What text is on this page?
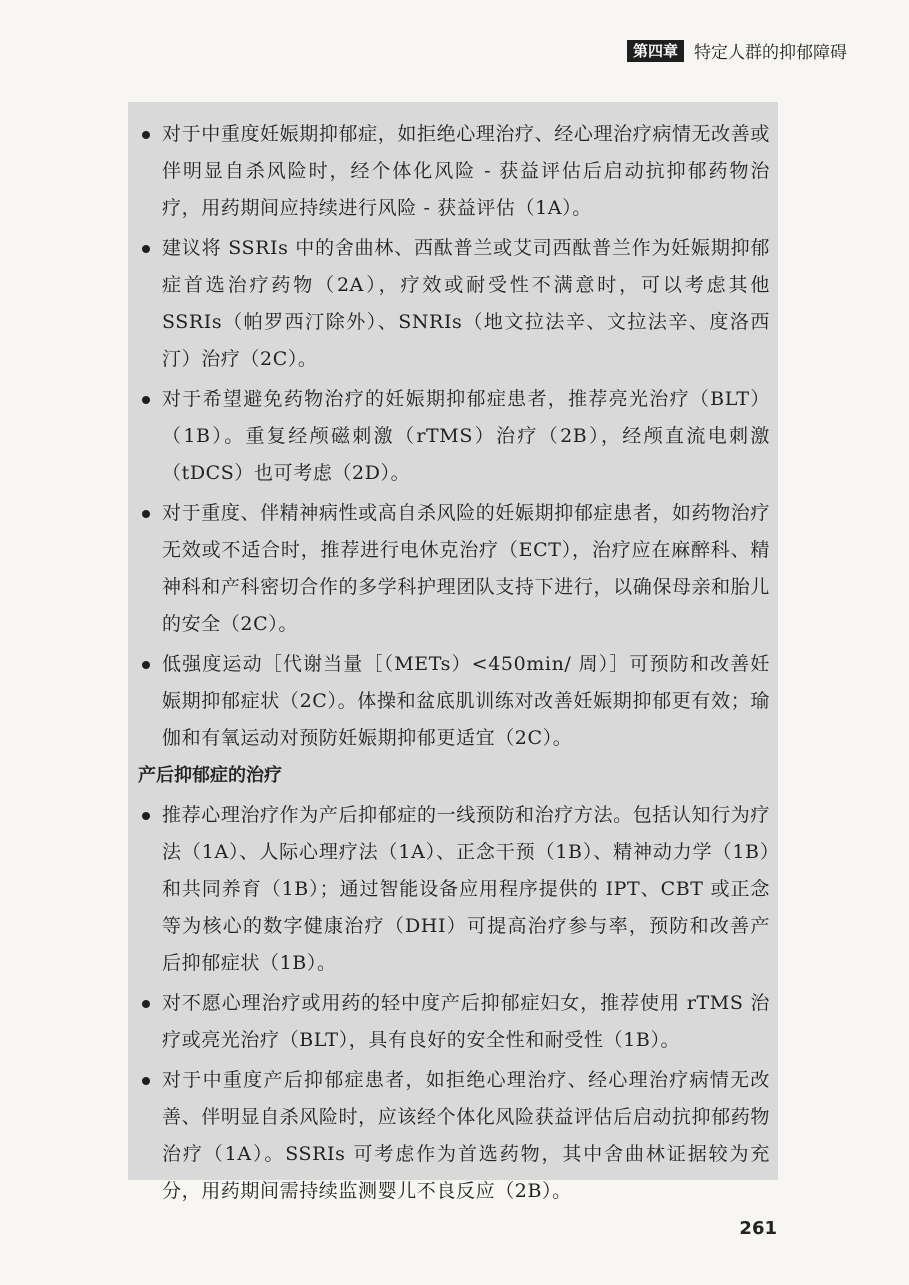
第四章 特定人群的抑郁障碍
对于中重度妊娠期抑郁症，如拒绝心理治疗、经心理治疗病情无改善或伴明显自杀风险时，经个体化风险 - 获益评估后启动抗抑郁药物治疗，用药期间应持续进行风险 - 获益评估（1A）。
建议将 SSRIs 中的舍曲林、西酞普兰或艾司西酞普兰作为妊娠期抑郁症首选治疗药物（2A），疗效或耐受性不满意时，可以考虑其他 SSRIs（帕罗西汀除外）、SNRIs（地文拉法辛、文拉法辛、度洛西汀）治疗（2C）。
对于希望避免药物治疗的妊娠期抑郁症患者，推荐亮光治疗（BLT）（1B）。重复经颅磁刺激（rTMS）治疗（2B），经颅直流电刺激（tDCS）也可考虑（2D）。
对于重度、伴精神病性或高自杀风险的妊娠期抑郁症患者，如药物治疗无效或不适合时，推荐进行电休克治疗（ECT），治疗应在麻醉科、精神科和产科密切合作的多学科护理团队支持下进行，以确保母亲和胎儿的安全（2C）。
低强度运动［代谢当量［（METs）<450min/ 周）］可预防和改善妊娠期抑郁症状（2C）。体操和盆底肌训练对改善妊娠期抑郁更有效；瑜伽和有氧运动对预防妊娠期抑郁更适宜（2C）。
产后抑郁症的治疗
推荐心理治疗作为产后抑郁症的一线预防和治疗方法。包括认知行为疗法（1A）、人际心理疗法（1A）、正念干预（1B）、精神动力学（1B）和共同养育（1B）；通过智能设备应用程序提供的 IPT、CBT 或正念等为核心的数字健康治疗（DHI）可提高治疗参与率，预防和改善产后抑郁症状（1B）。
对不愿心理治疗或用药的轻中度产后抑郁症妇女，推荐使用 rTMS 治疗或亮光治疗（BLT），具有良好的安全性和耐受性（1B）。
对于中重度产后抑郁症患者，如拒绝心理治疗、经心理治疗病情无改善、伴明显自杀风险时，应该经个体化风险获益评估后启动抗抑郁药物治疗（1A）。SSRIs 可考虑作为首选药物，其中舍曲林证据较为充分，用药期间需持续监测婴儿不良反应（2B）。
261
